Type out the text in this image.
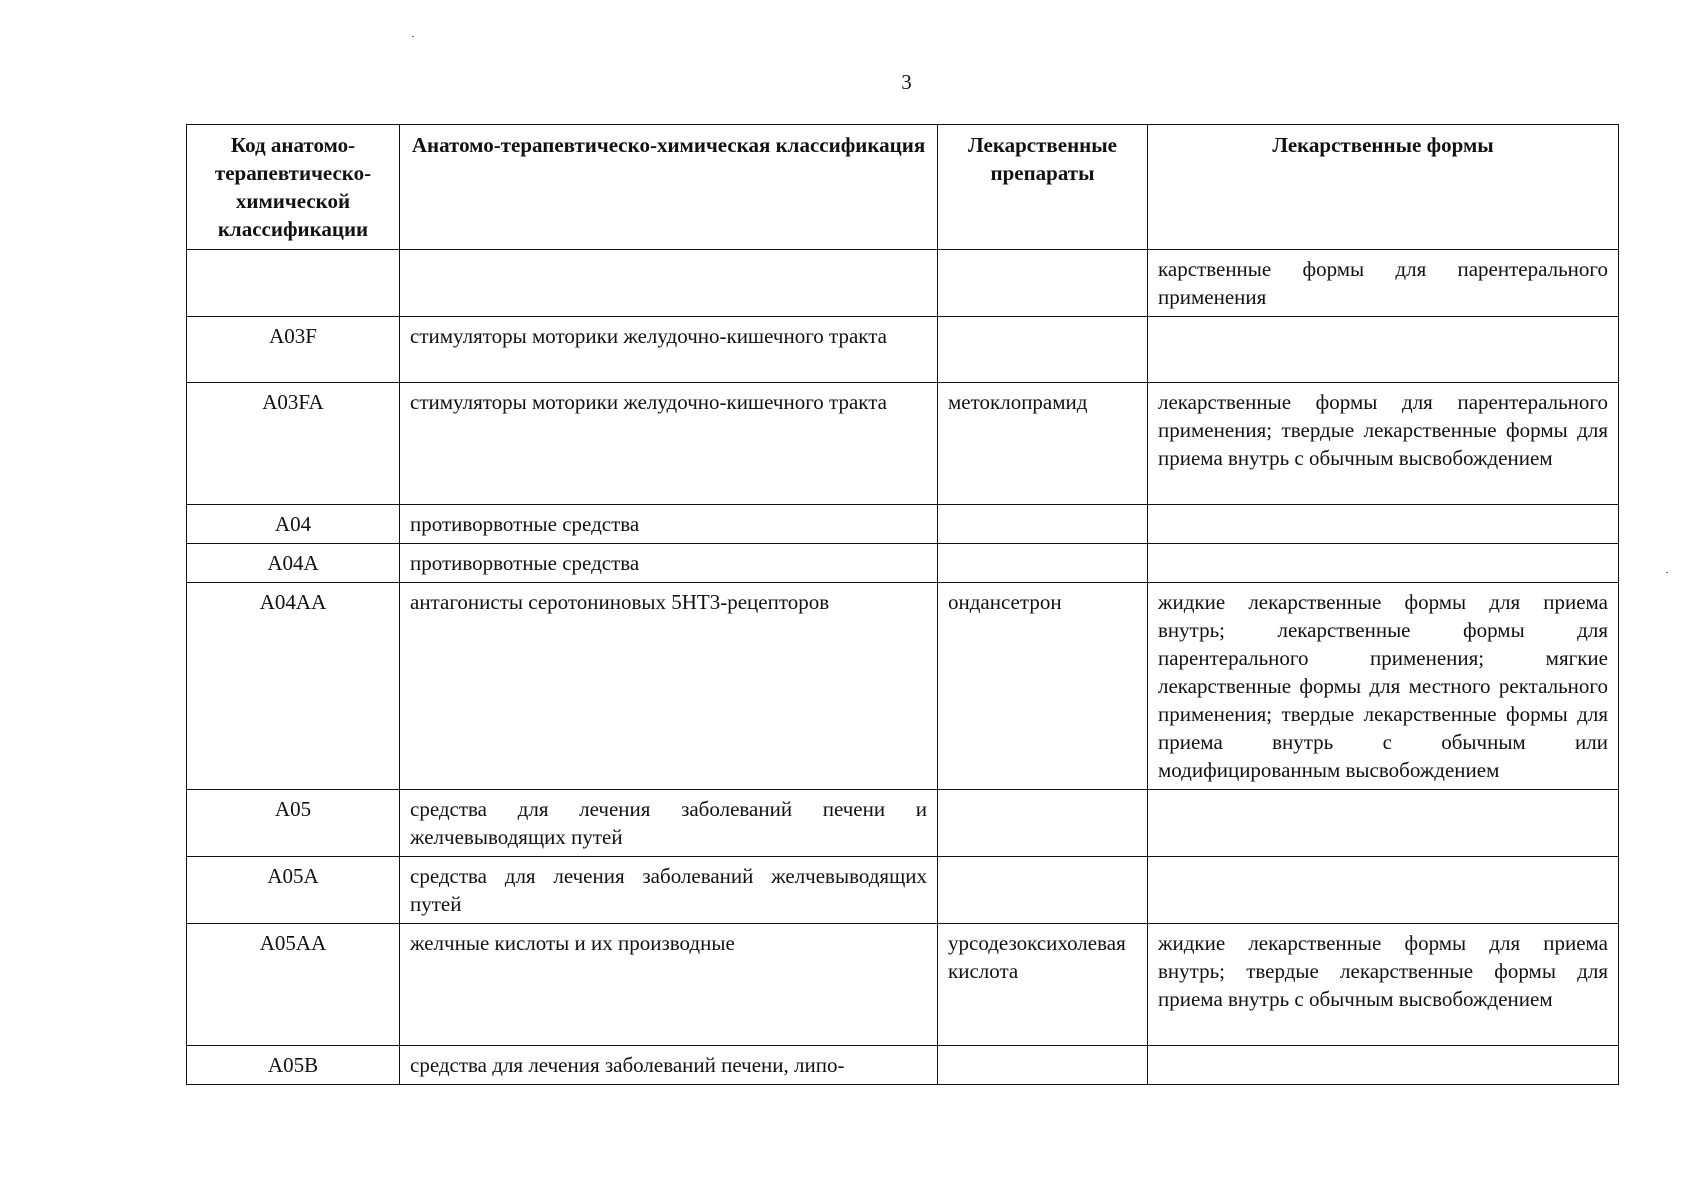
3
Код анатомо-терапевтическо-химической классификации	Анатомо-терапевтическо-химическая классификация	Лекарственные препараты	Лекарственные формы
			карственные формы для парентерального применения
A03F	стимуляторы моторики желудочно-кишечного тракта		
A03FA	стимуляторы моторики желудочно-кишечного тракта	метоклопрамид	лекарственные формы для парентерального применения; твердые лекарственные формы для приема внутрь с обычным высвобождением
A04	противорвотные средства		
A04A	противорвотные средства		
A04AA	антагонисты серотониновых 5HT3-рецепторов	ондансетрон	жидкие лекарственные формы для приема внутрь; лекарственные формы для парентерального применения; мягкие лекарственные формы для местного ректального применения; твердые лекарственные формы для приема внутрь с обычным или модифицированным высвобождением
A05	средства для лечения заболеваний печени и желчевыводящих путей		
A05A	средства для лечения заболеваний желчевыводящих путей		
A05AA	желчные кислоты и их производные	урсодезоксихолевая кислота	жидкие лекарственные формы для приема внутрь; твердые лекарственные формы для приема внутрь с обычным высвобождением
A05B	средства для лечения заболеваний печени, липо-		
